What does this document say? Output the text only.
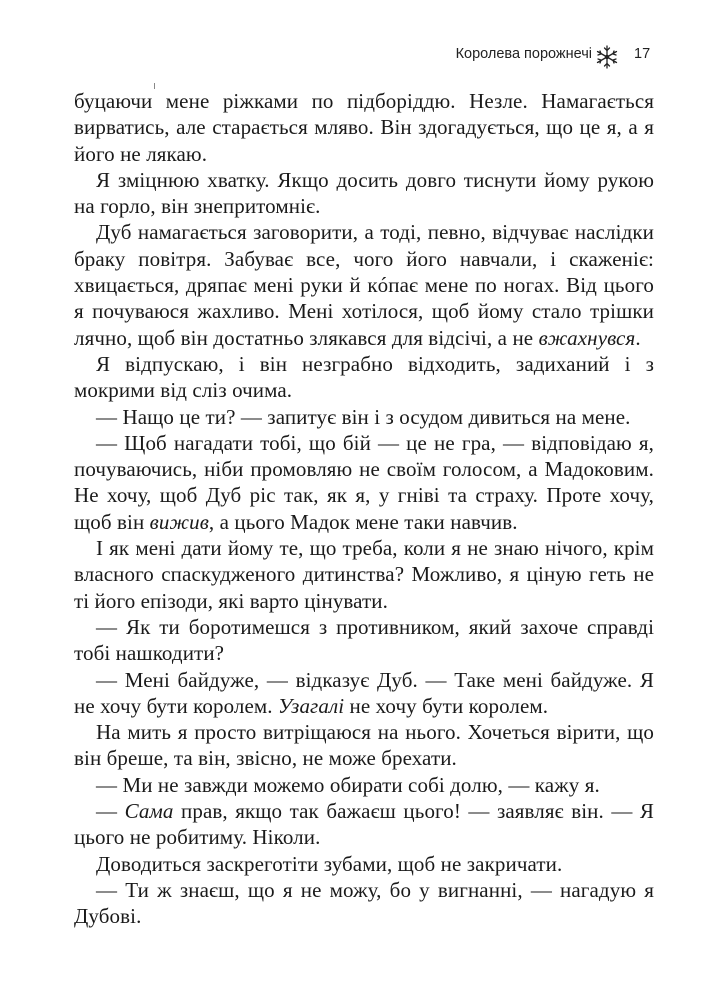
Королева порожнечі	17

буцаючи мене ріжками по підборіддю. Незле. Намагається вирватись, але старається мляво. Він здогадується, що це я, а я його не лякаю.

Я зміцнюю хватку. Якщо досить довго тиснути йому рукою на горло, він знепритомніє.

Дуб намагається заговорити, а тоді, певно, відчуває наслідки браку повітря. Забуває все, чого його навчали, і скаженіє: хвицається, дряпає мені руки й кóпає мене по ногах. Від цього я почуваюся жахливо. Мені хотілося, щоб йому стало трішки лячно, щоб він достатньо злякався для відсічі, а не вжахнувся.

Я відпускаю, і він незграбно відходить, задиханий і з мокрими від сліз очима.

— Нащо це ти? — запитує він і з осудом дивиться на мене.

— Щоб нагадати тобі, що бій — це не гра, — відповідаю я, почуваючись, ніби промовляю не своїм голосом, а Мадоковим. Не хочу, щоб Дуб ріс так, як я, у гніві та страху. Проте хочу, щоб він вижив, а цього Мадок мене таки навчив.

І як мені дати йому те, що треба, коли я не знаю нічого, крім власного спаскудженого дитинства? Можливо, я ціную геть не ті його епізоди, які варто цінувати.

— Як ти боротимешся з противником, який захоче справді тобі нашкодити?

— Мені байдуже, — відказує Дуб. — Таке мені байдуже. Я не хочу бути королем. Узагалі не хочу бути королем.

На мить я просто витріщаюся на нього. Хочеться вірити, що він бреше, та він, звісно, не може брехати.

— Ми не завжди можемо обирати собі долю, — кажу я.

— Сама прав, якщо так бажаєш цього! — заявляє він. — Я цього не робитиму. Ніколи.

Доводиться заскреготіти зубами, щоб не закричати.

— Ти ж знаєш, що я не можу, бо у вигнанні, — нагадую я Дубові.
